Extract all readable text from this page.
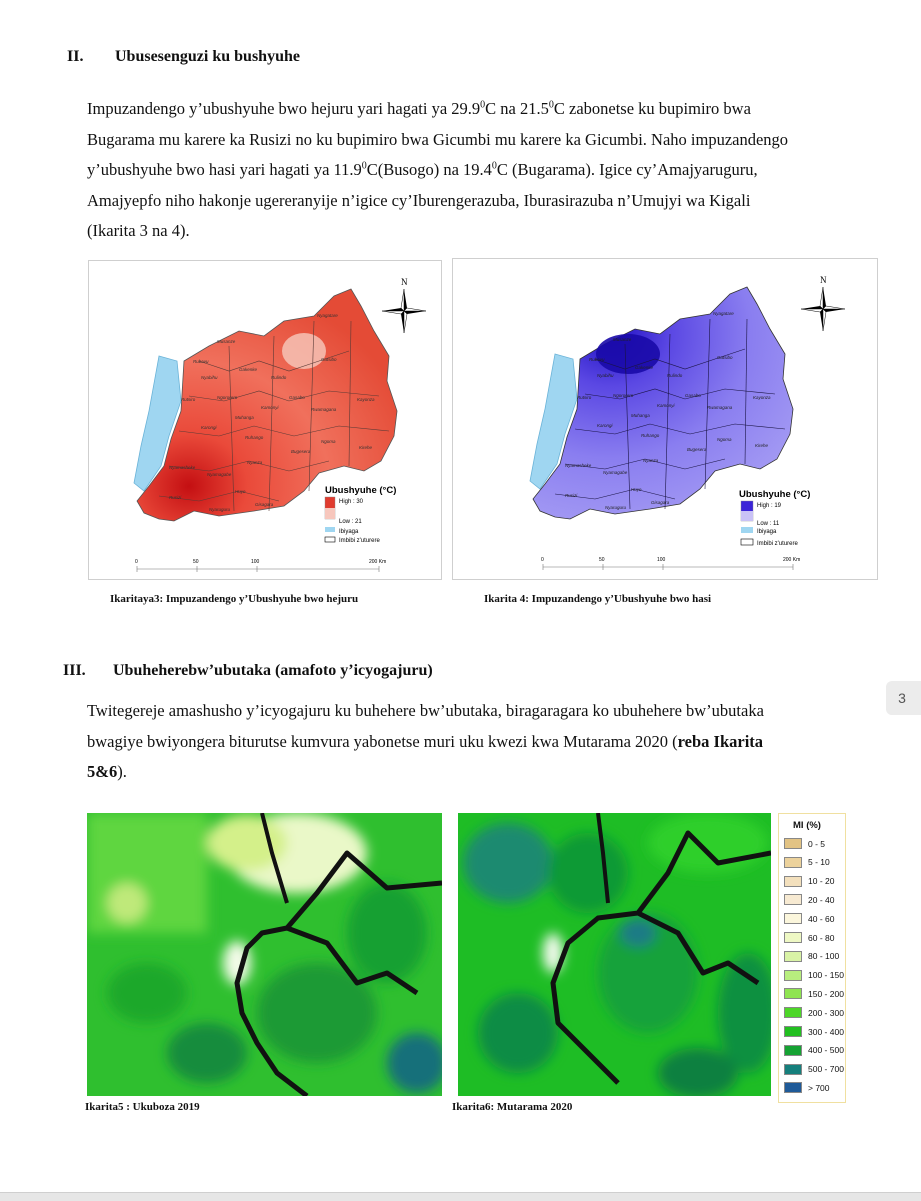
II. Ubusesenguzi ku bushyuhe
Impuzandengo y’ubushyuhe bwo hejuru yari hagati ya 29.9$^0$C na 21.5$^0$C zabonetse ku bupimiro bwa
Bugarama mu karere ka Rusizi no ku bupimiro bwa Gicumbi mu karere ka Gicumbi. Naho impuzandengo
y’ubushyuhe bwo hasi yari hagati ya 11.9$^0$C(Busogo) na 19.4$^0$C (Bugarama). Igice cy’Amajyaruguru,
Amajyepfo niho hakonje ugereranyije n’igice cy’Iburengerazuba, Iburasirazuba n’Umujyi wa Kigali
(Ikarita 3 na 4).
Nyagatare
Musanze
Rubavu
Gakenke
Rulindo
Gatsibo
Nyabihu
Ngororero
Rutsiro
Muhanga
Kamonyi
Gasabo
Rwamagana
Kayonza
Karongi
Ruhango
Bugesera
Ngoma
Kirehe
Nyamasheke
Nyamagabe
Nyanza
Huye
Rusizi
Nyaruguru
Gisagara
N
Ubushyuhe (°C)
High : 30
Low : 21
Ibiyaga
Imbibi z'uturere
0	50	100	200 Km
Ikaritaya3: Impuzandengo y’Ubushyuhe bwo hejuru
Nyagatare
Musanze
Rubavu
Gakenke
Rulindo
Gatsibo
Nyabihu
Ngororero
Rutsiro
Muhanga
Kamonyi
Gasabo
Rwamagana
Kayonza
Karongi
Ruhango
Bugesera
Ngoma
Kirehe
Nyamasheke
Nyamagabe
Nyanza
Huye
Rusizi
Nyaruguru
Gisagara
N
Ubushyuhe (°C)
High : 19
Low : 11
Ibiyaga
Imbibi z'uturere
0	50	100	200 Km
Ikarita 4: Impuzandengo y’Ubushyuhe bwo hasi
III. Ubuheherebw’ubutaka (amafoto y’icyogajuru)
Twitegereje amashusho y’icyogajuru ku buhehere bw’ubutaka, biragaragara ko ubuhehere bw’ubutaka
bwagiye bwiyongera biturutse kumvura yabonetse muri uku kwezi kwa Mutarama 2020 (reba Ikarita
5&6).
Ikarita5 : Ukuboza 2019	Ikarita6: Mutarama 2020
MI (%)
0 - 5
5 - 10
10 - 20
20 - 40
40 - 60
60 - 80
80 - 100
100 - 150
150 - 200
200 - 300
300 - 400
400 - 500
500 - 700
> 700
3
